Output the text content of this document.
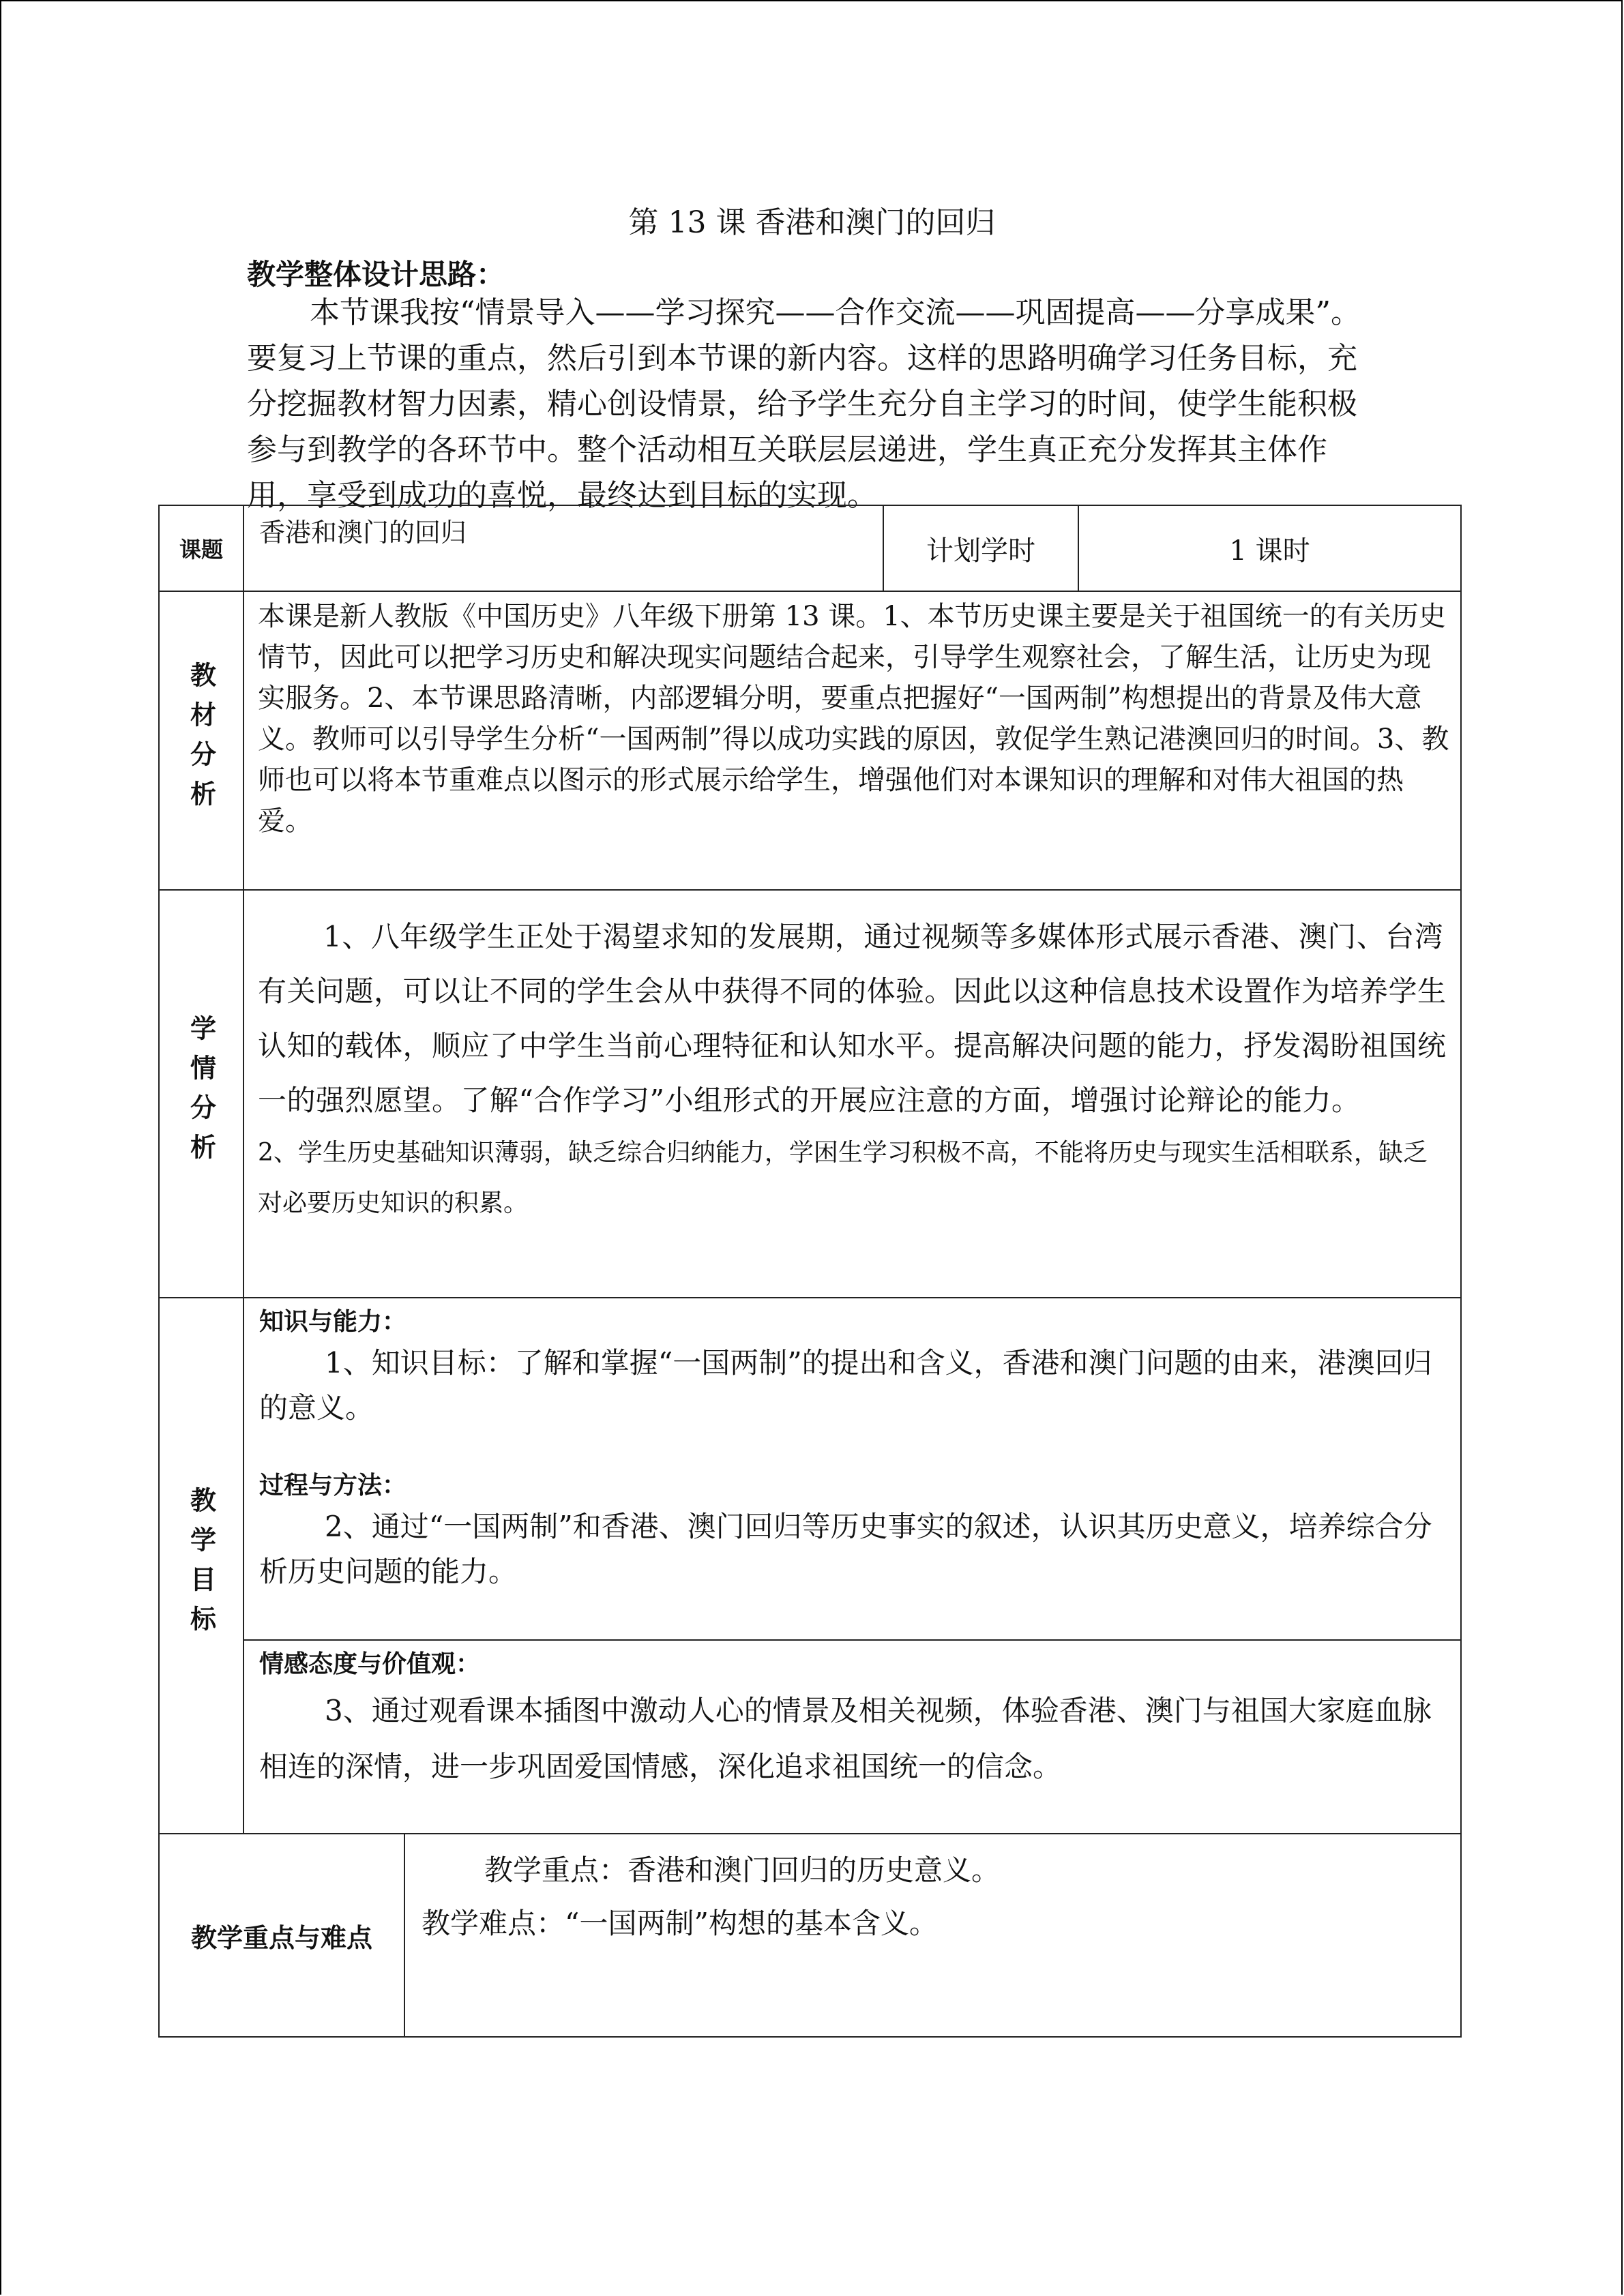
第 13 课 香港和澳门的回归
教学整体设计思路：
本节课我按“情景导入——学习探究——合作交流——巩固提高——分享成果”。要复习上节课的重点，然后引到本节课的新内容。这样的思路明确学习任务目标，充分挖掘教材智力因素，精心创设情景，给予学生充分自主学习的时间，使学生能积极参与到教学的各环节中。整个活动相互关联层层递进，学生真正充分发挥其主体作用，享受到成功的喜悦，最终达到目标的实现。
课题
香港和澳门的回归
计划学时	1 课时
教材分析
本课是新人教版《中国历史》八年级下册第 13 课。1、本节历史课主要是关于祖国统一的有关历史情节，因此可以把学习历史和解决现实问题结合起来，引导学生观察社会，了解生活，让历史为现实服务。2、本节课思路清晰，内部逻辑分明，要重点把握好“一国两制”构想提出的背景及伟大意义。教师可以引导学生分析“一国两制”得以成功实践的原因，敦促学生熟记港澳回归的时间。3、教师也可以将本节重难点以图示的形式展示给学生，增强他们对本课知识的理解和对伟大祖国的热爱。
学情分析
1、八年级学生正处于渴望求知的发展期，通过视频等多媒体形式展示香港、澳门、台湾有关问题，可以让不同的学生会从中获得不同的体验。因此以这种信息技术设置作为培养学生认知的载体，顺应了中学生当前心理特征和认知水平。提高解决问题的能力，抒发渴盼祖国统一的强烈愿望。了解“合作学习”小组形式的开展应注意的方面，增强讨论辩论的能力。
2、学生历史基础知识薄弱，缺乏综合归纳能力，学困生学习积极不高，不能将历史与现实生活相联系，缺乏对必要历史知识的积累。
教学目标
知识与能力：
1、知识目标：了解和掌握“一国两制”的提出和含义，香港和澳门问题的由来，港澳回归的意义。
过程与方法：
2、通过“一国两制”和香港、澳门回归等历史事实的叙述，认识其历史意义，培养综合分析历史问题的能力。
情感态度与价值观：
3、通过观看课本插图中激动人心的情景及相关视频，体验香港、澳门与祖国大家庭血脉相连的深情，进一步巩固爱国情感，深化追求祖国统一的信念。
教学重点与难点
教学重点：香港和澳门回归的历史意义。
教学难点：“一国两制”构想的基本含义。
